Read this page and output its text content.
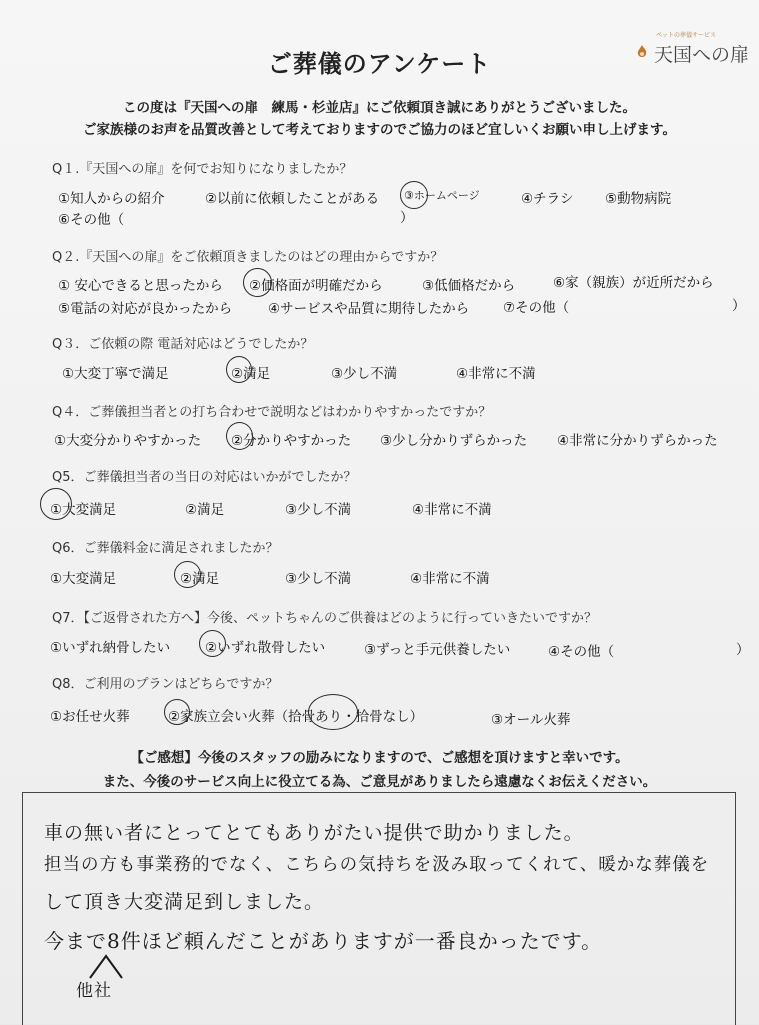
ご葬儀のアンケート
ペットの葬儀サービス
天国への扉
この度は『天国への扉　練馬・杉並店』にご依頼頂き誠にありがとうございました。
ご家族様のお声を品質改善として考えておりますのでご協力のほど宜しいくお願い申し上げます。
Q１.『天国への扉』を何でお知りになりましたか？
①知人からの紹介	②以前に依頼したことがある ③ホームページ	④チラシ ⑤動物病院
⑥その他（	）
Q２.『天国への扉』をご依頼頂きましたのはどの理由からですか？
① 安心できると思ったから ②価格面が明確だから	③低価格だから	⑥家（親族）が近所だから
⑤電話の対応が良かったから	④サービスや品質に期待したから	⑦その他（	）
Q３．ご依頼の際 電話対応はどうでしたか？
①大変丁寧で満足	②満足	③少し不満	④非常に不満
Q４．ご葬儀担当者との打ち合わせで説明などはわかりやすかったですか？
①大変分かりやすかった ②分かりやすかった ③少し分かりずらかった ④非常に分かりずらかった
Q5．ご葬儀担当者の当日の対応はいかがでしたか？
①大変満足	②満足	③少し不満	④非常に不満
Q6．ご葬儀料金に満足されましたか？
①大変満足	②満足	③少し不満	④非常に不満
Q7．【ご返骨された方へ】今後、ペットちゃんのご供養はどのように行っていきたいですか？
①いずれ納骨したい	②いずれ散骨したい	③ずっと手元供養したい	④その他（	）
Q8．ご利用のプランはどちらですか？
①お任せ火葬	②家族立会い火葬（拾骨あり・拾骨なし）	③オール火葬
【ご感想】今後のスタッフの励みになりますので、ご感想を頂けますと幸いです。
また、今後のサービス向上に役立てる為、ご意見がありましたら遠慮なくお伝えください。
車の無い者にとってとてもありがたい提供で助かりました。
担当の方も事業務的でなく、こちらの気持ちを汲み取ってくれて、暖かな葬儀を
して頂き大変満足到しました。
今まで8件ほど頼んだことがありますが一番良かったです。
他社
